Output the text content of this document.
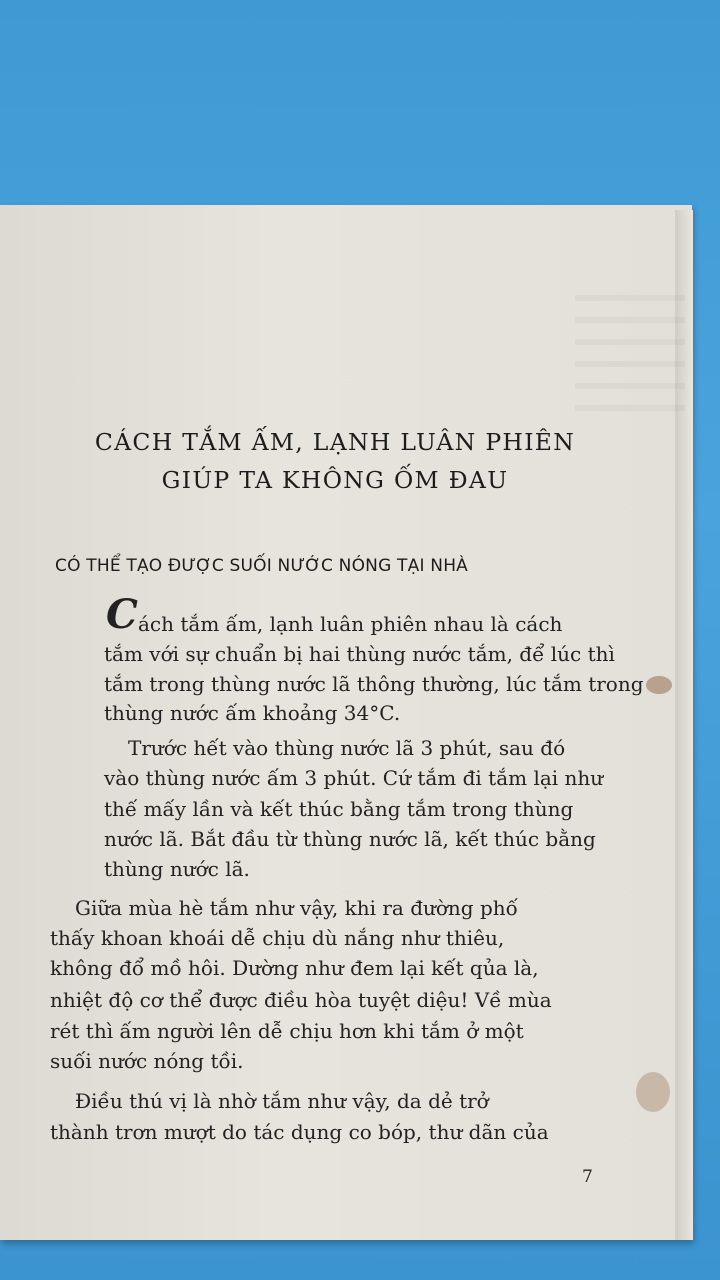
CÁCH TẮM ẤM, LẠNH LUÂN PHIÊN
GIÚP TA KHÔNG ỐM ĐAU
CÓ THỂ TẠO ĐƯỢC SUỐI NƯỚC NÓNG TẠI NHÀ
C ách tắm ấm, lạnh luân phiên nhau là cách
tắm với sự chuẩn bị hai thùng nước tắm, để lúc thì
tắm trong thùng nước lã thông thường, lúc tắm trong
thùng nước ấm khoảng 34°C.
Trước hết vào thùng nước lã 3 phút, sau đó
vào thùng nước ấm 3 phút. Cứ tắm đi tắm lại như
thế mấy lần và kết thúc bằng tắm trong thùng
nước lã. Bắt đầu từ thùng nước lã, kết thúc bằng
thùng nước lã.
Giữa mùa hè tắm như vậy, khi ra đường phố
thấy khoan khoái dễ chịu dù nắng như thiêu,
không đổ mồ hôi. Dường như đem lại kết qủa là,
nhiệt độ cơ thể được điều hòa tuyệt diệu! Về mùa
rét thì ấm người lên dễ chịu hơn khi tắm ở một
suối nước nóng tồi.
Điều thú vị là nhờ tắm như vậy, da dẻ trở
thành trơn mượt do tác dụng co bóp, thư dãn của
7
